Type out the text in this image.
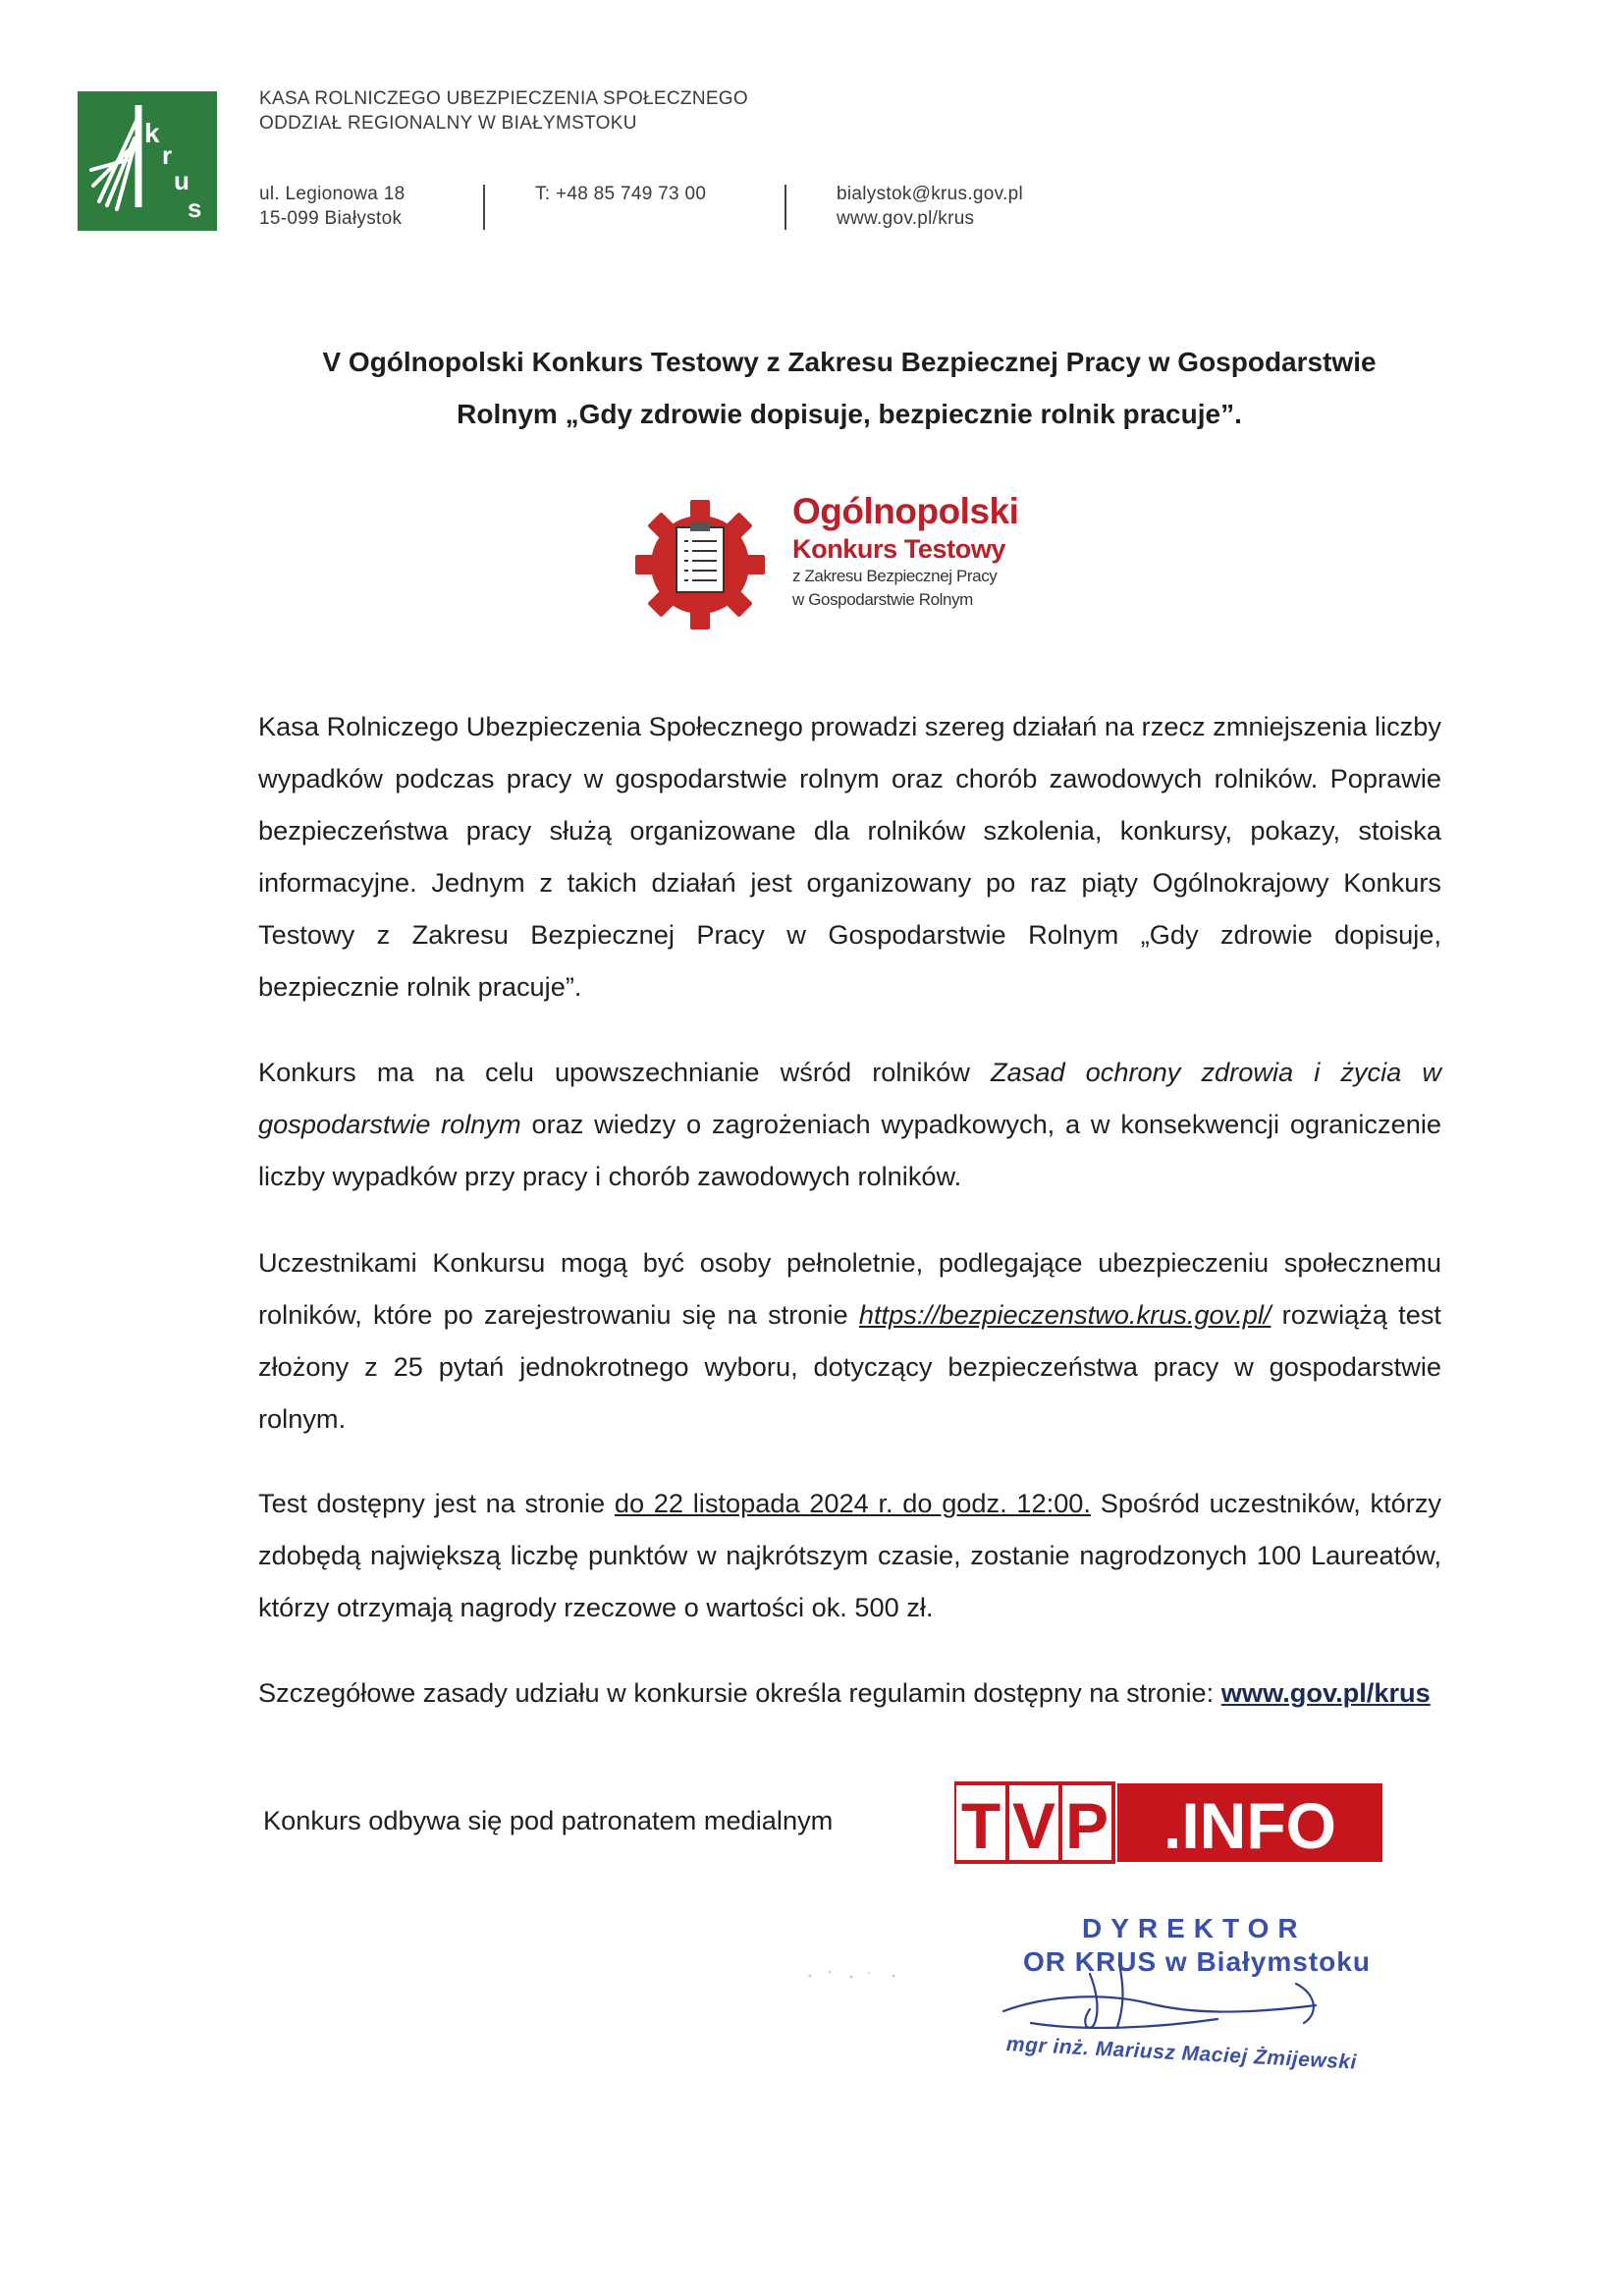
k
r
u
s
KASA ROLNICZEGO UBEZPIECZENIA SPOŁECZNEGO
ODDZIAŁ REGIONALNY W BIAŁYMSTOKU
ul. Legionowa 18
15-099 Białystok
T: +48 85 749 73 00	bialystok@krus.gov.pl
www.gov.pl/krus
V Ogólnopolski Konkurs Testowy z Zakresu Bezpiecznej Pracy w Gospodarstwie
Rolnym „Gdy zdrowie dopisuje, bezpiecznie rolnik pracuje”.
Ogólnopolski
Konkurs Testowy
z Zakresu Bezpiecznej Pracy
w Gospodarstwie Rolnym
Kasa Rolniczego Ubezpieczenia Społecznego prowadzi szereg działań na rzecz zmniejszenia liczby wypadków podczas pracy w gospodarstwie rolnym oraz chorób zawodowych rolników. Poprawie bezpieczeństwa pracy służą organizowane dla rolników szkolenia, konkursy, pokazy, stoiska informacyjne. Jednym z takich działań jest organizowany po raz piąty Ogólnokrajowy Konkurs Testowy z Zakresu Bezpiecznej Pracy w Gospodarstwie Rolnym „Gdy zdrowie dopisuje, bezpiecznie rolnik pracuje”.
Konkurs ma na celu upowszechnianie wśród rolników Zasad ochrony zdrowia i życia w gospodarstwie rolnym oraz wiedzy o zagrożeniach wypadkowych, a w konsekwencji ograniczenie liczby wypadków przy pracy i chorób zawodowych rolników.
Uczestnikami Konkursu mogą być osoby pełnoletnie, podlegające ubezpieczeniu społecznemu rolników, które po zarejestrowaniu się na stronie https://bezpieczenstwo.krus.gov.pl/ rozwiążą test złożony z 25 pytań jednokrotnego wyboru, dotyczący bezpieczeństwa pracy w gospodarstwie rolnym.
Test dostępny jest na stronie do 22 listopada 2024 r. do godz. 12:00. Spośród uczestników, którzy zdobędą największą liczbę punktów w najkrótszym czasie, zostanie nagrodzonych 100 Laureatów, którzy otrzymają nagrody rzeczowe o wartości ok. 500 zł.
Szczegółowe zasady udziału w konkursie określa regulamin dostępny na stronie: www.gov.pl/krus
Konkurs odbywa się pod patronatem medialnym	T V P .INFO
DYREKTOR
OR KRUS w Białymstoku
mgr inż. Mariusz Maciej Żmijewski
